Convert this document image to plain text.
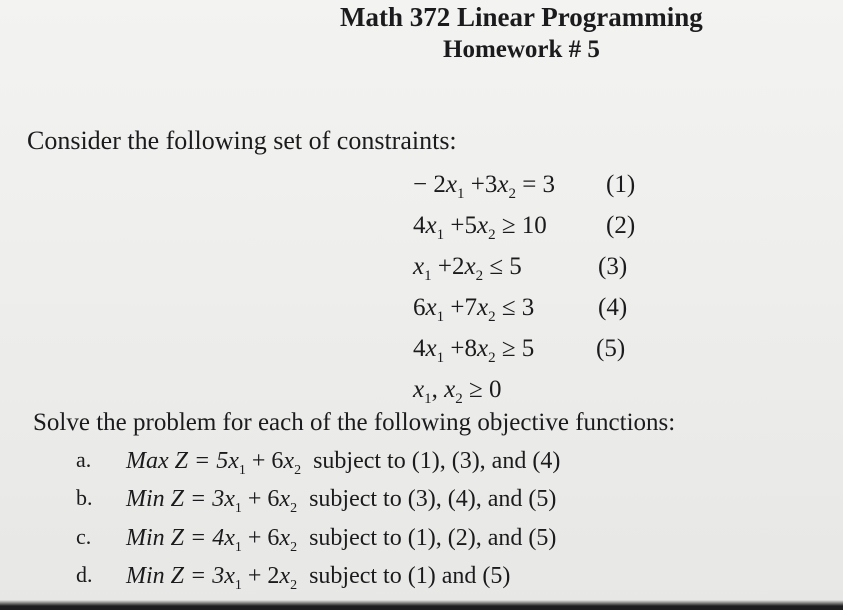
Math 372 Linear Programming
Homework # 5
Consider the following set of constraints:
− $2x_1 +3x_2 = 3$ (1)
$4x_1 +5x_2 \ge 10$ (2)
$x_1 +2x_2 \le 5$	(3)
$6x_1 +7x_2 \le 3$	(4)
$4x_1 +8x_2 \ge 5$ (5)
$x_1$, $x_2 \ge 0$
Solve the problem for each of the following objective functions:
a. Max $Z = 5x_1 + 6x_2$ subject to (1), (3), and (4)
b. Min $Z = 3x_1 + 6x_2$ subject to (3), (4), and (5)
c. Min $Z = 4x_1 + 6x_2$ subject to (1), (2), and (5)
d. Min $Z = 3x_1 + 2x_2$ subject to (1) and (5)
